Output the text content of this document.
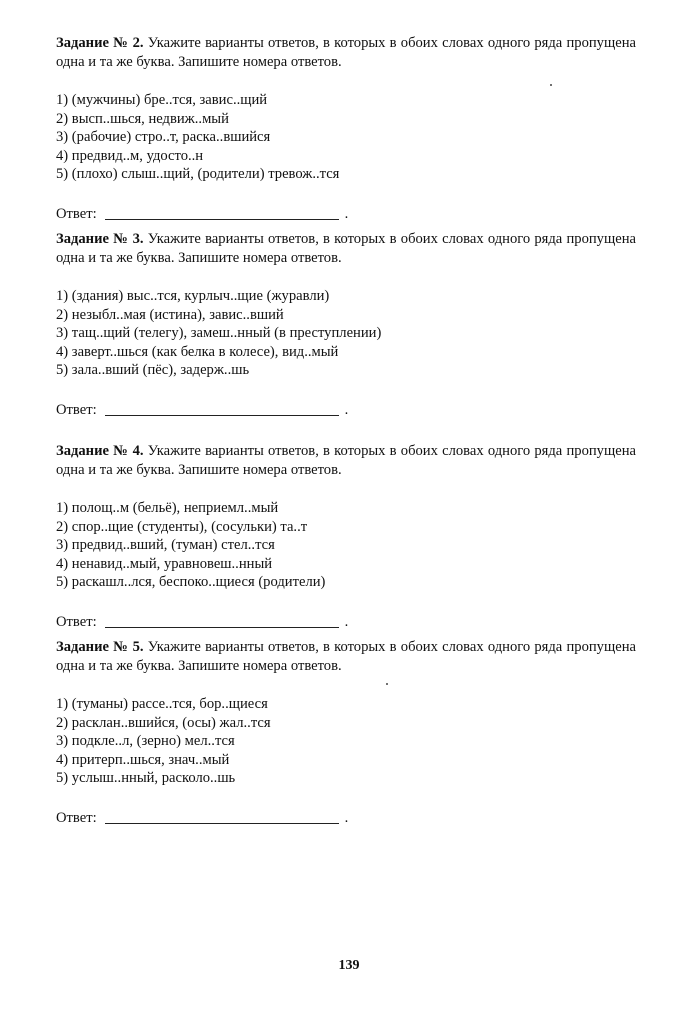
Задание № 2. Укажите варианты ответов, в которых в обоих словах одного ряда пропущена одна и та же буква. Запишите номера ответов.

1) (мужчины) бре..тся, завис..щий
2) высп..шься, недвиж..мый
3) (рабочие) стро..т, раска..вшийся
4) предвид..м, удосто..н
5) (плохо) слыш..щий, (родители) тревож..тся
Ответ:	.

Задание № 3. Укажите варианты ответов, в которых в обоих словах одного ряда пропущена одна и та же буква. Запишите номера ответов.

1) (здания) выс..тся, курлыч..щие (журавли)
2) незыбл..мая (истина), завис..вший
3) тащ..щий (телегу), замеш..нный (в преступлении)
4) заверт..шься (как белка в колесе), вид..мый
5) зала..вший (пёс), задерж..шь
Ответ:	.

Задание № 4. Укажите варианты ответов, в которых в обоих словах одного ряда пропущена одна и та же буква. Запишите номера ответов.

1) полощ..м (бельё), неприемл..мый
2) спор..щие (студенты), (сосульки) та..т
3) предвид..вший, (туман) стел..тся
4) ненавид..мый, уравновеш..нный
5) раскашл..лся, беспоко..щиеся (родители)
Ответ:	.

Задание № 5. Укажите варианты ответов, в которых в обоих словах одного ряда пропущена одна и та же буква. Запишите номера ответов.

1) (туманы) рассе..тся, бор..щиеся
2) расклан..вшийся, (осы) жал..тся
3) подкле..л, (зерно) мел..тся
4) притерп..шься, знач..мый
5) услыш..нный, расколо..шь
Ответ:	.
139
